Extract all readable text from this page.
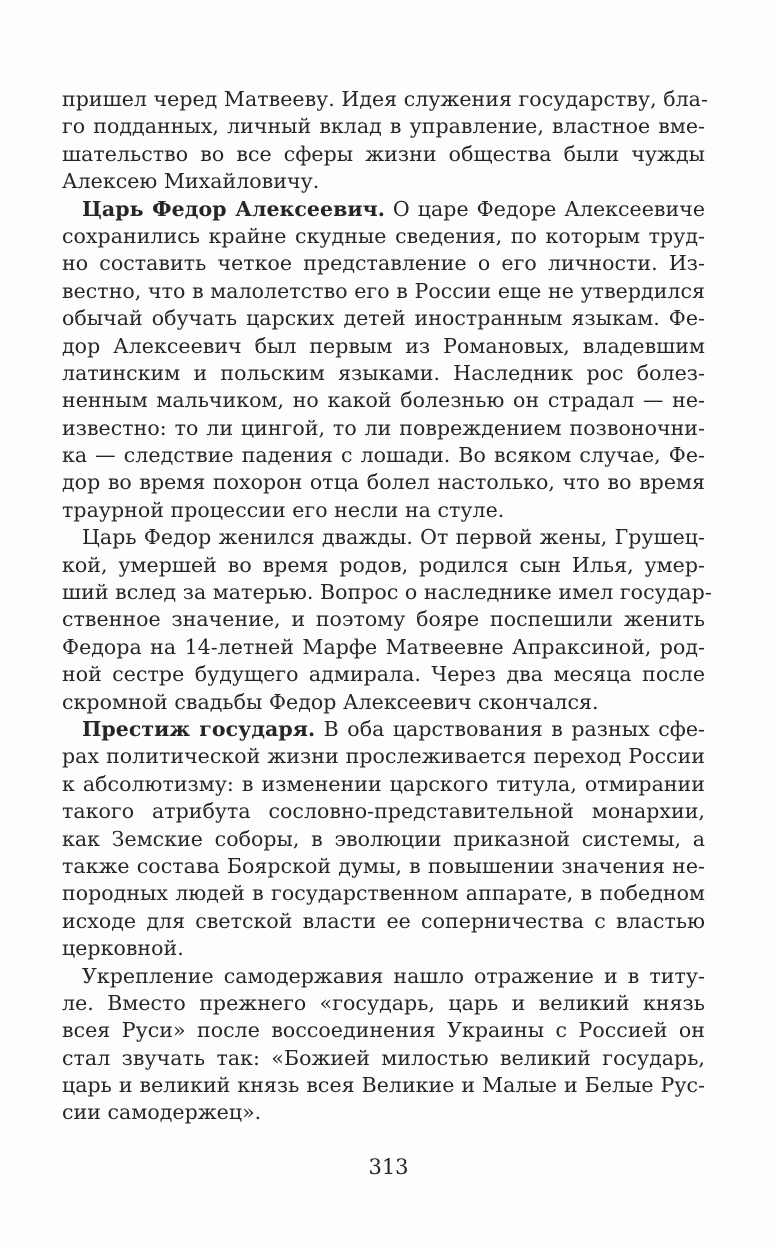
пришел черед Матвееву. Идея служения государству, бла-
го подданных, личный вклад в управление, властное вме-
шательство во все сферы жизни общества были чужды
Алексею Михайловичу.
Царь Федор Алексеевич. О царе Федоре Алексеевиче
сохранились крайне скудные сведения, по которым труд-
но составить четкое представление о его личности. Из-
вестно, что в малолетство его в России еще не утвердился
обычай обучать царских детей иностранным языкам. Фе-
дор Алексеевич был первым из Романовых, владевшим
латинским и польским языками. Наследник рос болез-
ненным мальчиком, но какой болезнью он страдал — не-
известно: то ли цингой, то ли повреждением позвоночни-
ка — следствие падения с лошади. Во всяком случае, Фе-
дор во время похорон отца болел настолько, что во время
траурной процессии его несли на стуле.
Царь Федор женился дважды. От первой жены, Грушец-
кой, умершей во время родов, родился сын Илья, умер-
ший вслед за матерью. Вопрос о наследнике имел государ-
ственное значение, и поэтому бояре поспешили женить
Федора на 14-летней Марфе Матвеевне Апраксиной, род-
ной сестре будущего адмирала. Через два месяца после
скромной свадьбы Федор Алексеевич скончался.
Престиж государя. В оба царствования в разных сфе-
рах политической жизни прослеживается переход России
к абсолютизму: в изменении царского титула, отмирании
такого атрибута сословно-представительной монархии,
как Земские соборы, в эволюции приказной системы, а
также состава Боярской думы, в повышении значения не-
породных людей в государственном аппарате, в победном
исходе для светской власти ее соперничества с властью
церковной.
Укрепление самодержавия нашло отражение и в титу-
ле. Вместо прежнего «государь, царь и великий князь
всея Руси» после воссоединения Украины с Россией он
стал звучать так: «Божией милостью великий государь,
царь и великий князь всея Великие и Малые и Белые Рус-
сии самодержец».
313
